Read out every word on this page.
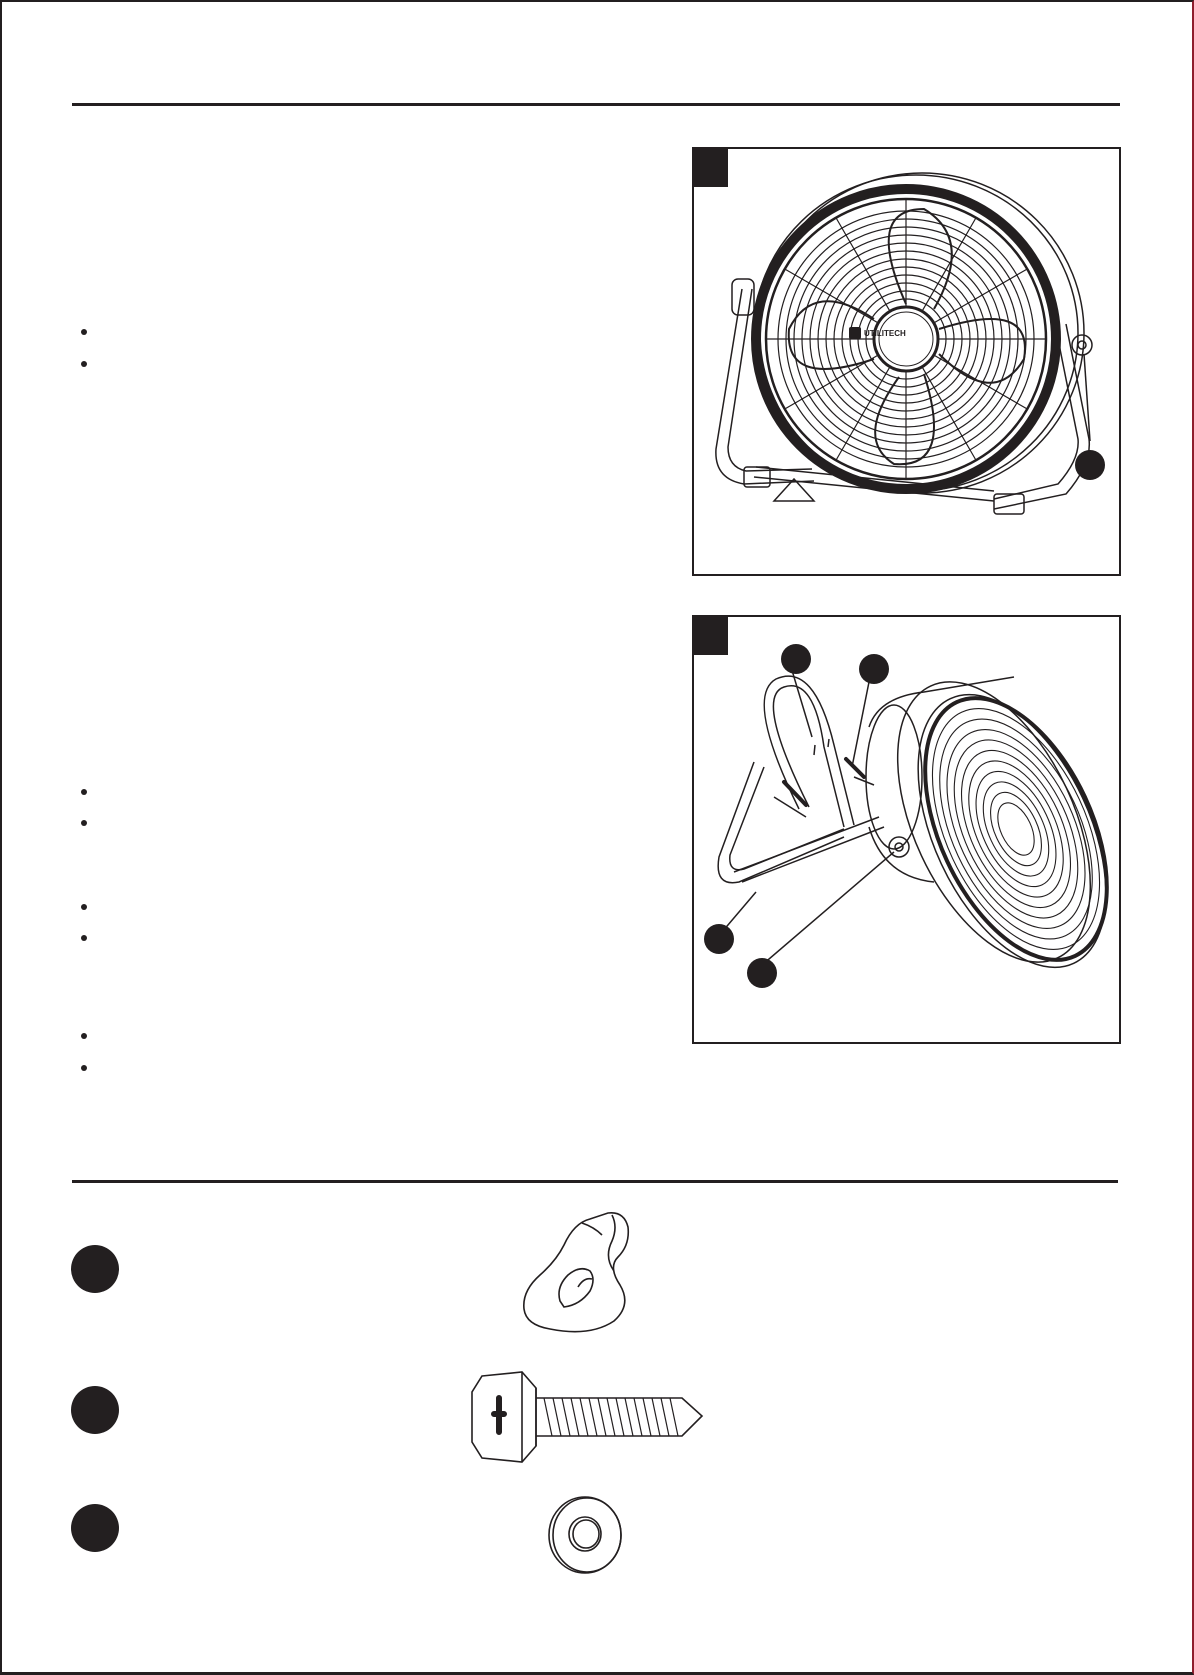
UTILITECH
